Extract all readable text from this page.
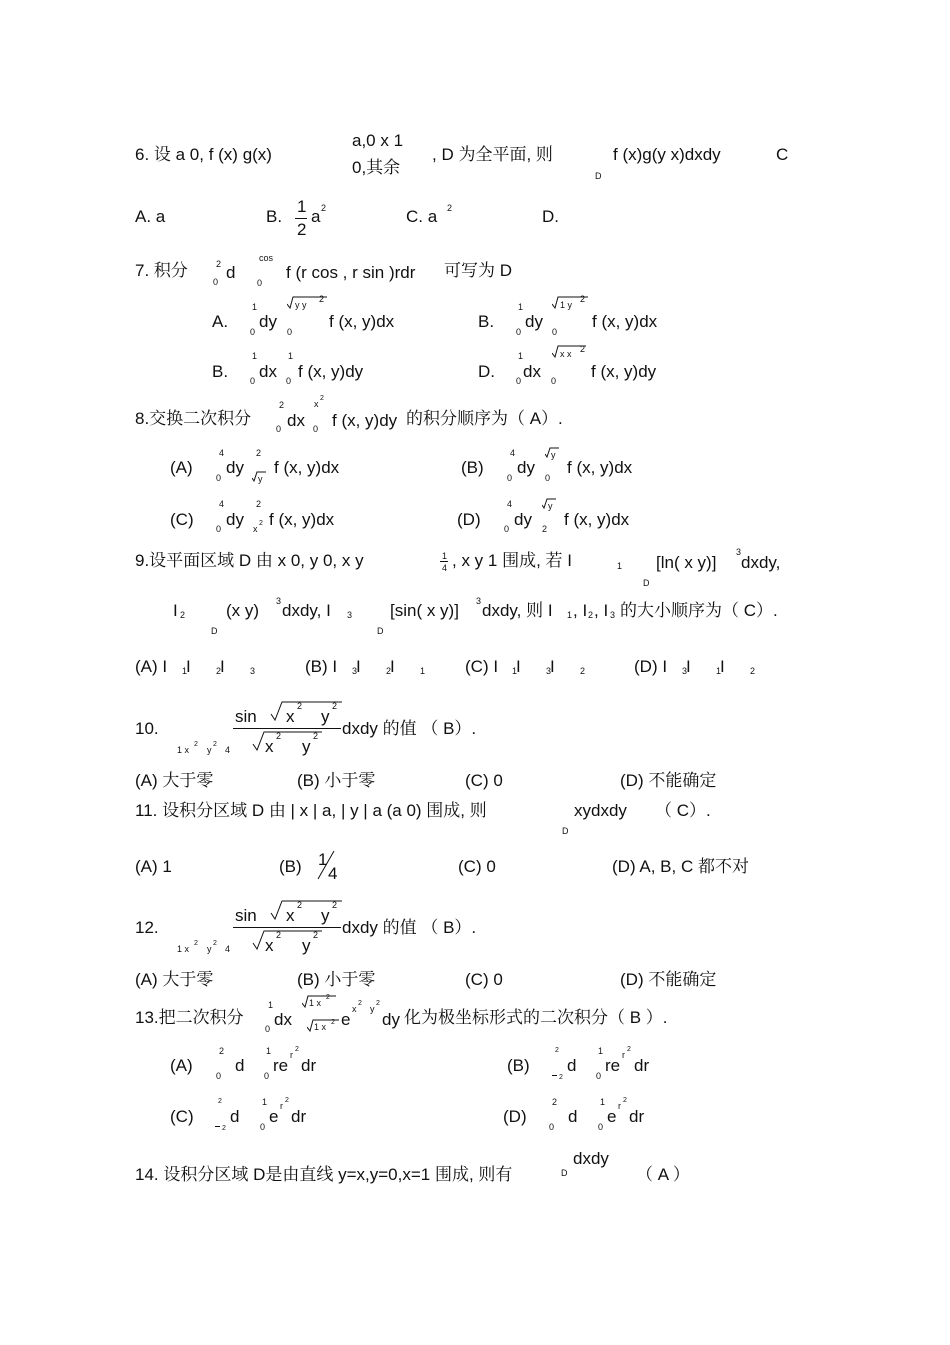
6. 设 a 0, f (x) g(x)
a,0 x 1
0,其余
, D 为全平面, 则	f (x)g(y x)dxdy	C
D
A. a	B.
1
2
a 2	C. a 2	D.
7. 积分	2
0 d
cos
0
f (r cos , r sin )rdr 可写为 D
A.
1
0
dy
y y
2
0
f (x, y)dx	B.
1
0
dy
1 y
2
0
f (x, y)dx
B.
1
0 dx
1
0 f (x, y)dy	D.
1
0 dx
x x 2
0 f (x, y)dy
8.交换二次积分
2
0 dx
x
2
0 f (x, y)dy 的积分顺序为（ A）.
(A)
4
0
dy
2
y
f (x, y)dx	(B)
4
0
dy
y
0
f (x, y)dx
(C)
4
0 dy
2
x
2 f (x, y)dx	(D)
4
0 dy
y
2 f (x, y)dx
9.设平面区域 D 由 x 0, y 0, x y	1
4 , x y 1 围成, 若 I	1 [ln( x y)]
3
dxdy,
D
I 2 (x y) 3 dxdy, I 3
D
[sin( x y)] 3 dxdy, 则 I
D
1 , I 2 , I 3 的大小顺序为（ C）.
(A) I 1
I	2
I	3	(B) I 3
I	2
I	1 (C) I 1
I	3
I	2	(D) I 3
I	1
I	2
10.
1 x
2
y
2
4
sin x
2
y
2
x
2
y
2 dxdy 的值 （ B）.
(A) 大于零	(B) 小于零	(C) 0	(D) 不能确定
11. 设积分区域 D 由 | x | a, | y | a (a 0) 围成, 则	xydxdy
D
（ C）.
(A) 1	(B) 1
4	(C) 0	(D) A, B, C 都不对
12.
1 x
2
y
2
4
sin x
2
y
2
x
2
y
2 dxdy 的值 （ B）.
(A) 大于零	(B) 小于零	(C) 0	(D) 不能确定
13.把二次积分
1
0 dx
1 x
2
1 x 2 e
x
2
y
2
dy 化为极坐标形式的二次积分（ B ）.
(A)
2
0
d
1
0
re
r
2
dr	(B)
2
2
d
1
0
re
r
2
dr
(C)
2
2
d
1
0
e
r
2
dr	(D)
2
0
d
1
0
e
r
2
dr
14. 设积分区域 D是由直线 y=x,y=0,x=1 围成, 则有
dxdy
D	（ A ）
